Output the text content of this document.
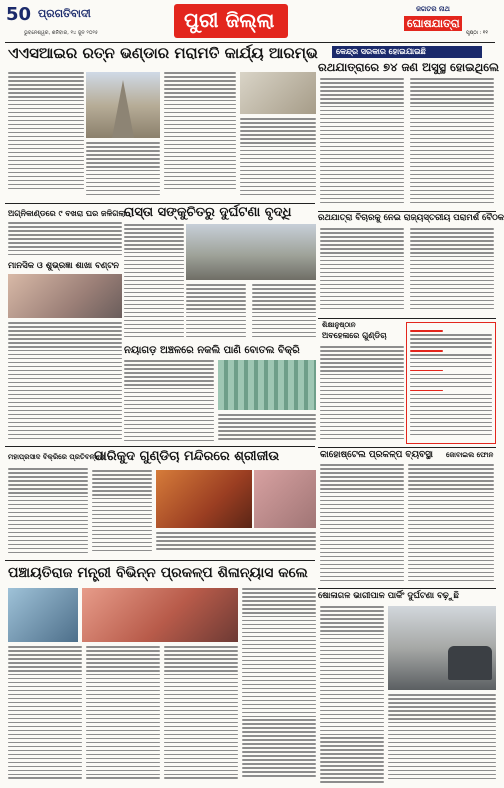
50 ପ୍ରଗତିବାଦୀ
ଭୁବନେଶ୍ୱର, ଶନିବାର, ୧୪ ଜୁନ ୨୦୨୫
ପୁରୀ ଜିଲ୍ଲା	ଜଗତର ନାଥ
ଘୋଷଯାତ୍ରା
ପୃଷ୍ଠା : ୧୧
ଏଏସଆଇର ରତ୍ନ ଭଣ୍ଡାର ମରାମତି କାର୍ଯ୍ୟ ଆରମ୍ଭ କେନ୍ଦ୍ର ସରକାର ହୋଇଯାଇଛି
ରଥଯାତ୍ରାରେ ୭୪ ଜଣ ଅସୁସ୍ଥ ହୋଇଥିଲେ
ଅଗ୍ନିକାଣ୍ଡରେ ୯ ବଖରା ଘର ଜଳିଗଲା
ରାସ୍ତା ସଙ୍କୁଚିତରୁ ଦୁର୍ଘଟଣା ବୃଦ୍ଧି	ରଥଯାତ୍ରା ବିଚାରକୁ ନେଇ ରାଜ୍ୟସ୍ତରୀୟ ପରାମର୍ଶ ବୈଠକ
ମାନସିକ ଓ ଶୁଭ୍ରଜ୍ଞା ଶାଖା ବଣ୍ଟନ
ନୟାଗଡ଼ ଅଞ୍ଚଳରେ ନକଲି ପାଣି ବୋତଲ ବିକ୍ରି
ଶିକ୍ଷାନୁଷ୍ଠାନ
ଅବହେଳାରେ ଗୁଣ୍ଡିଚା
କାହୋଷ୍ଟେଲ ପ୍ରକଳ୍ପ ବ୍ୟବସ୍ଥା	ଜୋବାଇଲ ଫୋନ
ମହାପ୍ରସାଦ ବିକ୍ରିରେ ପ୍ରତିବନ୍ଧକ
ପାରିକୁଦ ଗୁଣ୍ଡିଚା ମନ୍ଦିରରେ ଶ୍ରୀଜୀଉ
ଷୋଳାଗଳ ଭାଗୀପାଳ ପାର୍କିଂ ଦୁର୍ଘଟଣା ବଢ଼ୁଛି
ପଞ୍ଚାୟତିରାଜ ମନ୍ତ୍ରୀ ବିଭିନ୍ନ ପ୍ରକଳ୍ପ ଶିଳାନ୍ୟାସ କଲେ
